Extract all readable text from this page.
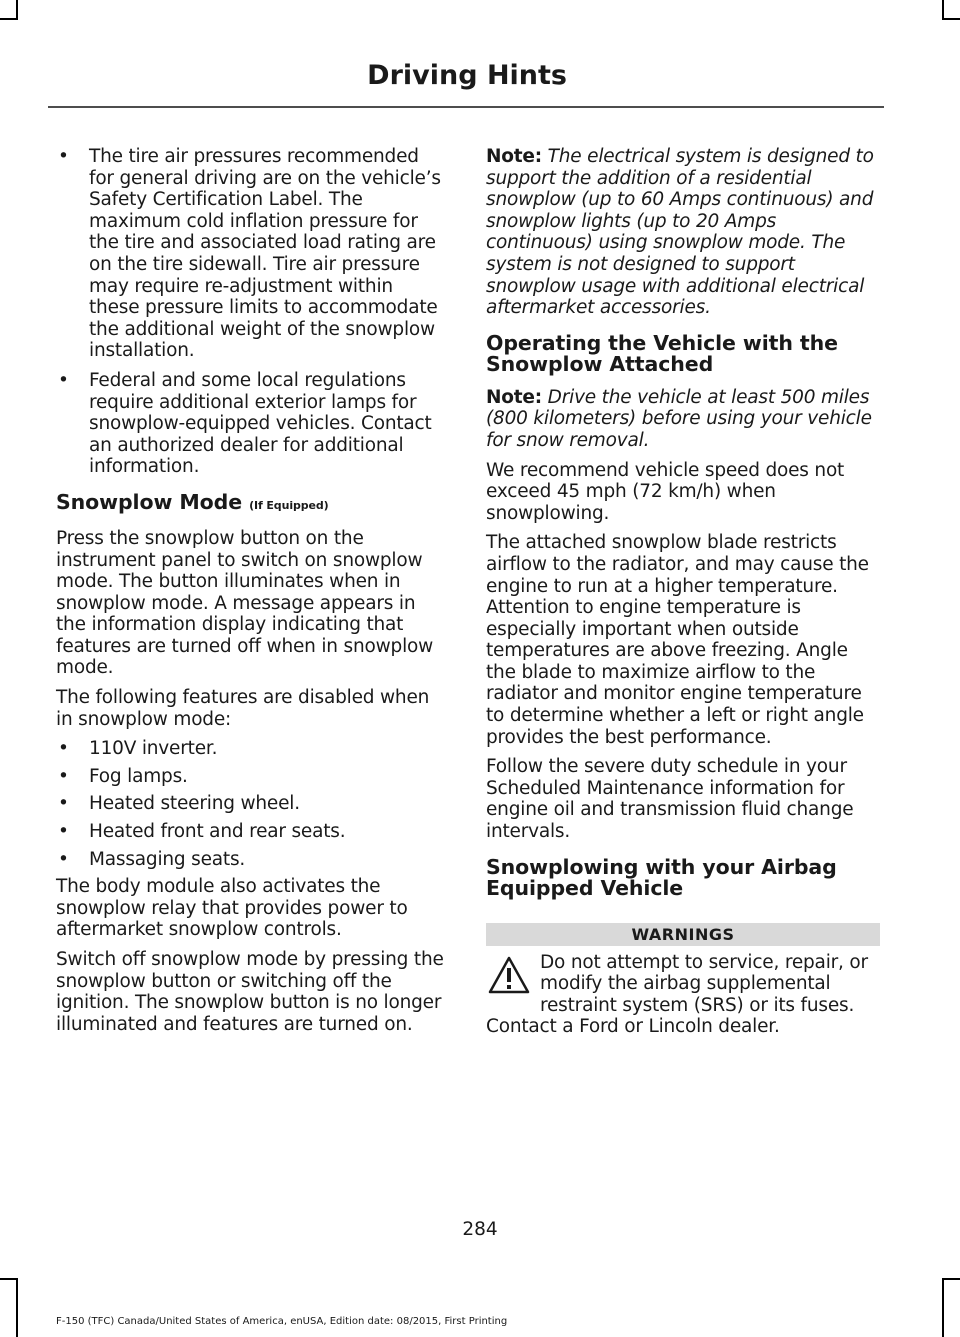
Driving Hints
• The tire air pressures recommended for general driving are on the vehicle’s Safety Certification Label. The maximum cold inflation pressure for the tire and associated load rating are on the tire sidewall. Tire air pressure may require re-adjustment within these pressure limits to accommodate the additional weight of the snowplow installation.
• Federal and some local regulations require additional exterior lamps for snowplow-equipped vehicles. Contact an authorized dealer for additional information.
Snowplow Mode (If Equipped)

Press the snowplow button on the instrument panel to switch on snowplow mode. The button illuminates when in snowplow mode. A message appears in the information display indicating that features are turned off when in snowplow mode.

The following features are disabled when in snowplow mode:

• 110V inverter.
• Fog lamps.
• Heated steering wheel.
• Heated front and rear seats.
• Massaging seats.

The body module also activates the snowplow relay that provides power to aftermarket snowplow controls.

Switch off snowplow mode by pressing the snowplow button or switching off the ignition. The snowplow button is no longer illuminated and features are turned on.

Note: The electrical system is designed to support the addition of a residential snowplow (up to 60 Amps continuous) and snowplow lights (up to 20 Amps continuous) using snowplow mode. The system is not designed to support snowplow usage with additional electrical aftermarket accessories.

Operating the Vehicle with the Snowplow Attached

Note: Drive the vehicle at least 500 miles (800 kilometers) before using your vehicle for snow removal.

We recommend vehicle speed does not exceed 45 mph (72 km/h) when snowplowing.

The attached snowplow blade restricts airflow to the radiator, and may cause the engine to run at a higher temperature. Attention to engine temperature is especially important when outside temperatures are above freezing. Angle the blade to maximize airflow to the radiator and monitor engine temperature to determine whether a left or right angle provides the best performance.

Follow the severe duty schedule in your Scheduled Maintenance information for engine oil and transmission fluid change intervals.

Snowplowing with your Airbag Equipped Vehicle
WARNINGS
Do not attempt to service, repair, or
modify the airbag supplemental
restraint system (SRS) or its fuses.
Contact a Ford or Lincoln dealer.
284
F-150 (TFC) Canada/United States of America, enUSA, Edition date: 08/2015, First Printing
